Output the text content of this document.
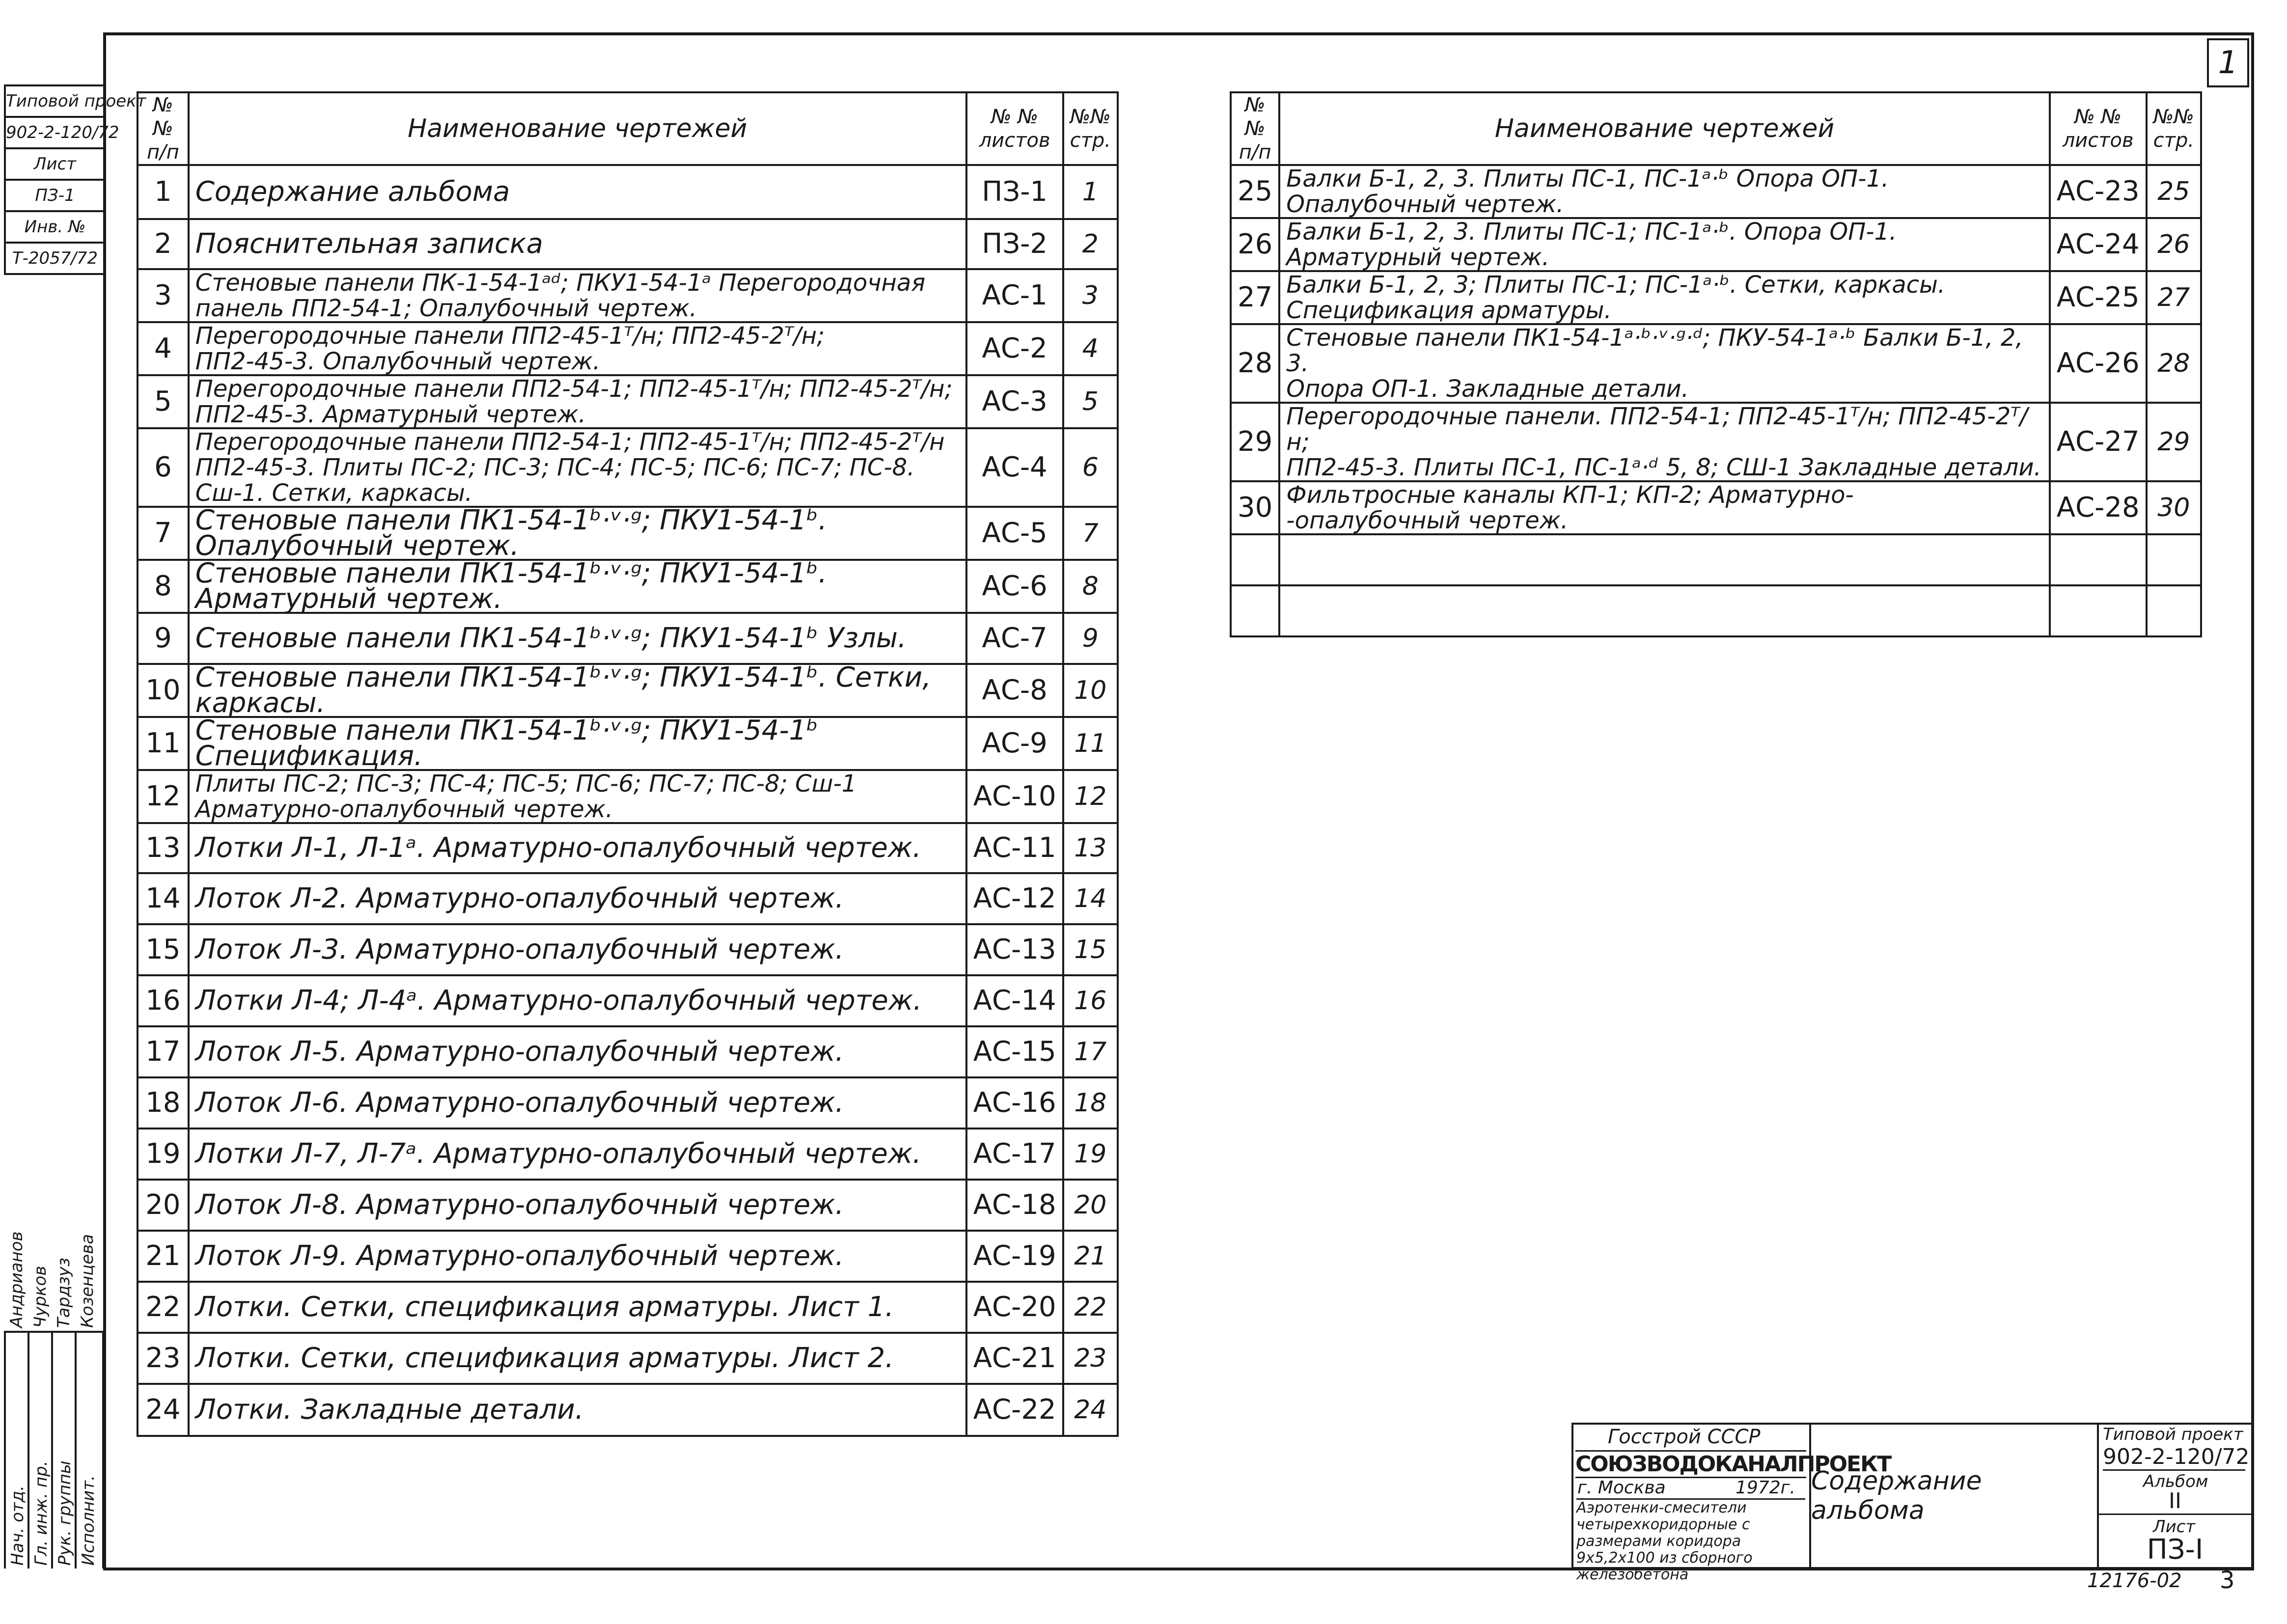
1
Типовой проект
902-2-120/72
Лист
ПЗ-1
Инв. №
Т-2057/72
Нач. отд. Гл. инж. пр. Рук. группы Исполнит.
Андрианов Чурков Тардзуз Козенцева
№ № п/п	Наименование чертежей	№ № листов	№№ стр.
1	Содержание альбома	ПЗ-1	1
2	Пояснительная записка	ПЗ-2	2
3	Стеновые панели ПК-1-54-1ᵃᵈ; ПКУ1-54-1ᵃ Перегородочная
панель ПП2-54-1; Опалубочный чертеж.	АС-1	3
4	Перегородочные панели ПП2-45-1ᵀ/н; ПП2-45-2ᵀ/н;
ПП2-45-3. Опалубочный чертеж.	АС-2	4
5	Перегородочные панели ПП2-54-1; ПП2-45-1ᵀ/н; ПП2-45-2ᵀ/н;
ПП2-45-3. Арматурный чертеж.	АС-3	5
6	Перегородочные панели ПП2-54-1; ПП2-45-1ᵀ/н; ПП2-45-2ᵀ/н
ПП2-45-3. Плиты ПС-2; ПС-3; ПС-4; ПС-5; ПС-6; ПС-7; ПС-8. Сш-1. Сетки, каркасы.	АС-4	6
7	Стеновые панели ПК1-54-1ᵇ·ᵛ·ᵍ; ПКУ1-54-1ᵇ. Опалубочный чертеж.	АС-5	7
8	Стеновые панели ПК1-54-1ᵇ·ᵛ·ᵍ; ПКУ1-54-1ᵇ. Арматурный чертеж.	АС-6	8
9	Стеновые панели ПК1-54-1ᵇ·ᵛ·ᵍ; ПКУ1-54-1ᵇ Узлы.	АС-7	9
10	Стеновые панели ПК1-54-1ᵇ·ᵛ·ᵍ; ПКУ1-54-1ᵇ. Сетки, каркасы.	АС-8	10
11	Стеновые панели ПК1-54-1ᵇ·ᵛ·ᵍ; ПКУ1-54-1ᵇ Спецификация.	АС-9	11
12	Плиты ПС-2; ПС-3; ПС-4; ПС-5; ПС-6; ПС-7; ПС-8; Сш-1
Арматурно-опалубочный чертеж.	АС-10	12
13	Лотки Л-1, Л-1ᵃ. Арматурно-опалубочный чертеж.	АС-11	13
14	Лоток Л-2. Арматурно-опалубочный чертеж.	АС-12	14
15	Лоток Л-3. Арматурно-опалубочный чертеж.	АС-13	15
16	Лотки Л-4; Л-4ᵃ. Арматурно-опалубочный чертеж.	АС-14	16
17	Лоток Л-5. Арматурно-опалубочный чертеж.	АС-15	17
18	Лоток Л-6. Арматурно-опалубочный чертеж.	АС-16	18
19	Лотки Л-7, Л-7ᵃ. Арматурно-опалубочный чертеж.	АС-17	19
20	Лоток Л-8. Арматурно-опалубочный чертеж.	АС-18	20
21	Лоток Л-9. Арматурно-опалубочный чертеж.	АС-19	21
22	Лотки. Сетки, спецификация арматуры. Лист 1.	АС-20	22
23	Лотки. Сетки, спецификация арматуры. Лист 2.	АС-21	23
24	Лотки. Закладные детали.	АС-22	24
№ № п/п	Наименование чертежей	№ № листов	№№ стр.
25	Балки Б-1, 2, 3. Плиты ПС-1, ПС-1ᵃ·ᵇ Опора ОП-1.
Опалубочный чертеж.	АС-23	25
26	Балки Б-1, 2, 3. Плиты ПС-1; ПС-1ᵃ·ᵇ. Опора ОП-1.
Арматурный чертеж.	АС-24	26
27	Балки Б-1, 2, 3; Плиты ПС-1; ПС-1ᵃ·ᵇ. Сетки, каркасы.
Спецификация арматуры.	АС-25	27
28	Стеновые панели ПК1-54-1ᵃ·ᵇ·ᵛ·ᵍ·ᵈ; ПКУ-54-1ᵃ·ᵇ Балки Б-1, 2, 3.
Опора ОП-1. Закладные детали.	АС-26	28
29	Перегородочные панели. ПП2-54-1; ПП2-45-1ᵀ/н; ПП2-45-2ᵀ/н;
ПП2-45-3. Плиты ПС-1, ПС-1ᵃ·ᵈ 5, 8; СШ-1 Закладные детали.	АС-27	29
30	Фильтросные каналы КП-1; КП-2; Арматурно-
-опалубочный чертеж.	АС-28	30

Госстрой СССР
СОЮЗВОДОКАНАЛПРОЕКТ
г. Москва	1972г.
Аэротенки-смесители четырехкоридорные с размерами коридора 9х5,2х100 из сборного железобетона
Содержание альбома
Типовой проект
902-2-120/72
Альбом
II
Лист
ПЗ-I
12176-02 3
